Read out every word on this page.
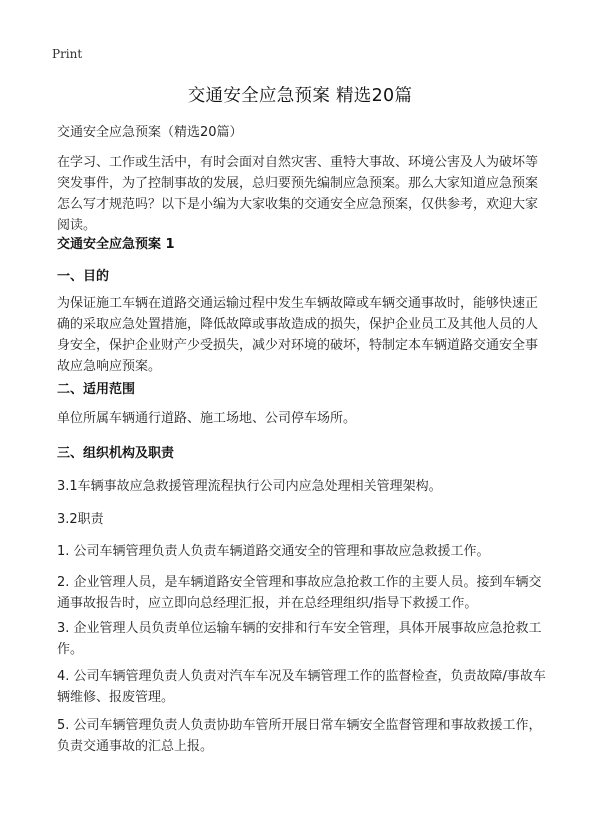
Print
交通安全应急预案 精选20篇

交通安全应急预案（精选20篇）

在学习、工作或生活中，有时会面对自然灾害、重特大事故、环境公害及人为破坏等突发事件，为了控制事故的发展，总归要预先编制应急预案。那么大家知道应急预案怎么写才规范吗？以下是小编为大家收集的交通安全应急预案，仅供参考，欢迎大家阅读。

交通安全应急预案 1

一、目的

为保证施工车辆在道路交通运输过程中发生车辆故障或车辆交通事故时，能够快速正确的采取应急处置措施，降低故障或事故造成的损失，保护企业员工及其他人员的人身安全，保护企业财产少受损失，减少对环境的破坏，特制定本车辆道路交通安全事故应急响应预案。

二、适用范围

单位所属车辆通行道路、施工场地、公司停车场所。

三、组织机构及职责

3.1车辆事故应急救援管理流程执行公司内应急处理相关管理架构。

3.2职责

1. 公司车辆管理负责人负责车辆道路交通安全的管理和事故应急救援工作。

2. 企业管理人员，是车辆道路安全管理和事故应急抢救工作的主要人员。接到车辆交通事故报告时，应立即向总经理汇报，并在总经理组织/指导下救援工作。

3. 企业管理人员负责单位运输车辆的安排和行车安全管理，具体开展事故应急抢救工作。

4. 公司车辆管理负责人负责对汽车车况及车辆管理工作的监督检查，负责故障/事故车辆维修、报废管理。

5. 公司车辆管理负责人负责协助车管所开展日常车辆安全监督管理和事故救援工作，负责交通事故的汇总上报。
